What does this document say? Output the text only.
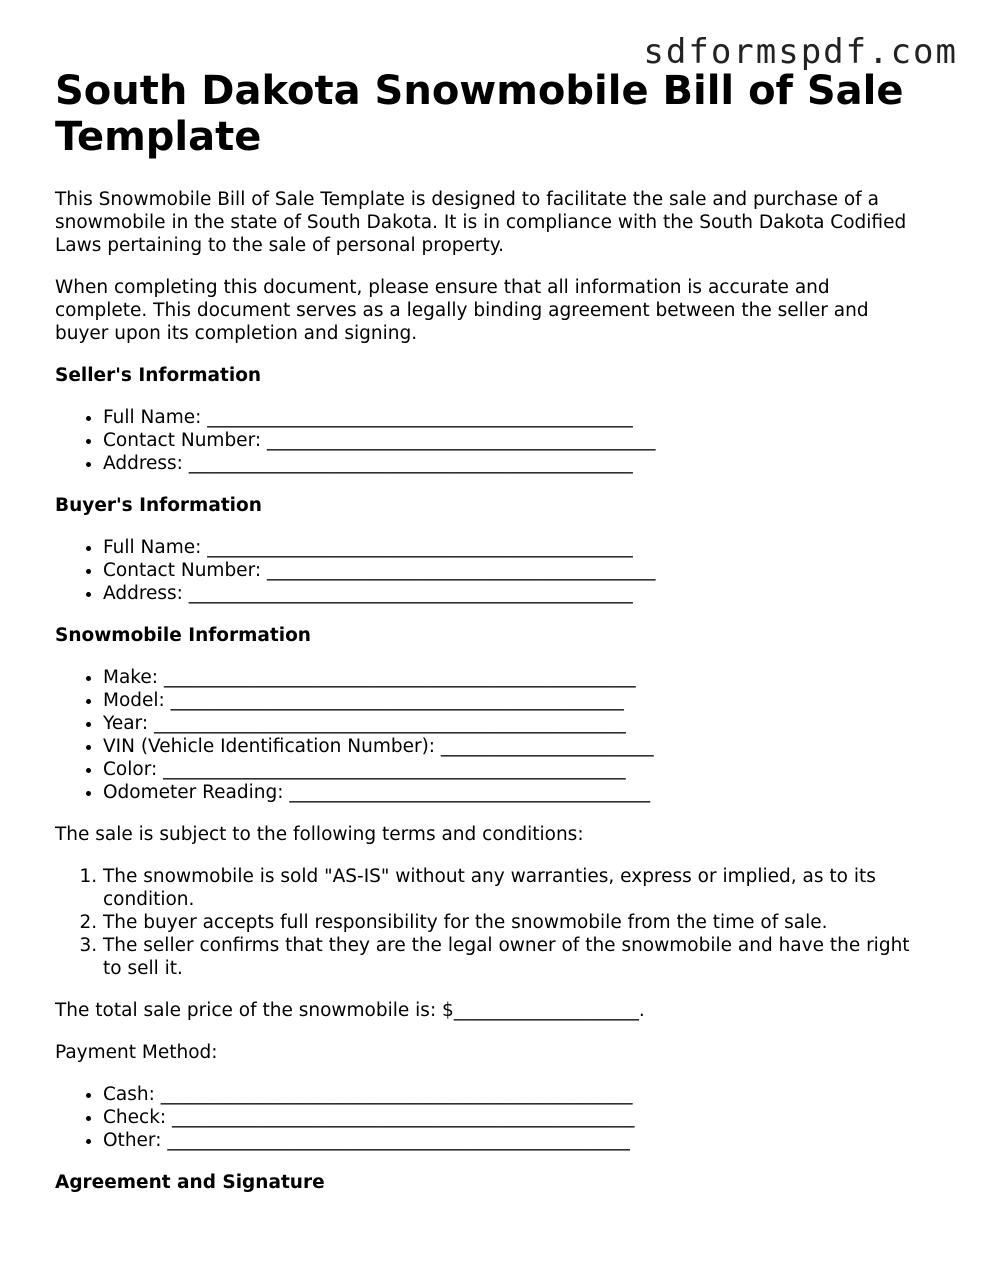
sdformspdf.com
South Dakota Snowmobile Bill of Sale Template

This Snowmobile Bill of Sale Template is designed to facilitate the sale and purchase of a snowmobile in the state of South Dakota. It is in compliance with the South Dakota Codified Laws pertaining to the sale of personal property.

When completing this document, please ensure that all information is accurate and complete. This document serves as a legally binding agreement between the seller and buyer upon its completion and signing.

Seller's Information
• Full Name: ______________________________________________
• Contact Number: __________________________________________
• Address: ________________________________________________
Buyer's Information
• Full Name: ______________________________________________
• Contact Number: __________________________________________
• Address: ________________________________________________
Snowmobile Information
• Make: ___________________________________________________
• Model: _________________________________________________
• Year: ___________________________________________________
• VIN (Vehicle Identification Number): _______________________
• Color: __________________________________________________
• Odometer Reading: _______________________________________

The sale is subject to the following terms and conditions:

1. The snowmobile is sold "AS-IS" without any warranties, express or implied, as to its condition.
2. The buyer accepts full responsibility for the snowmobile from the time of sale.
3. The seller confirms that they are the legal owner of the snowmobile and have the right to sell it.

The total sale price of the snowmobile is: $____________________.

Payment Method:

• Cash: ___________________________________________________
• Check: __________________________________________________
• Other: __________________________________________________
Agreement and Signature
